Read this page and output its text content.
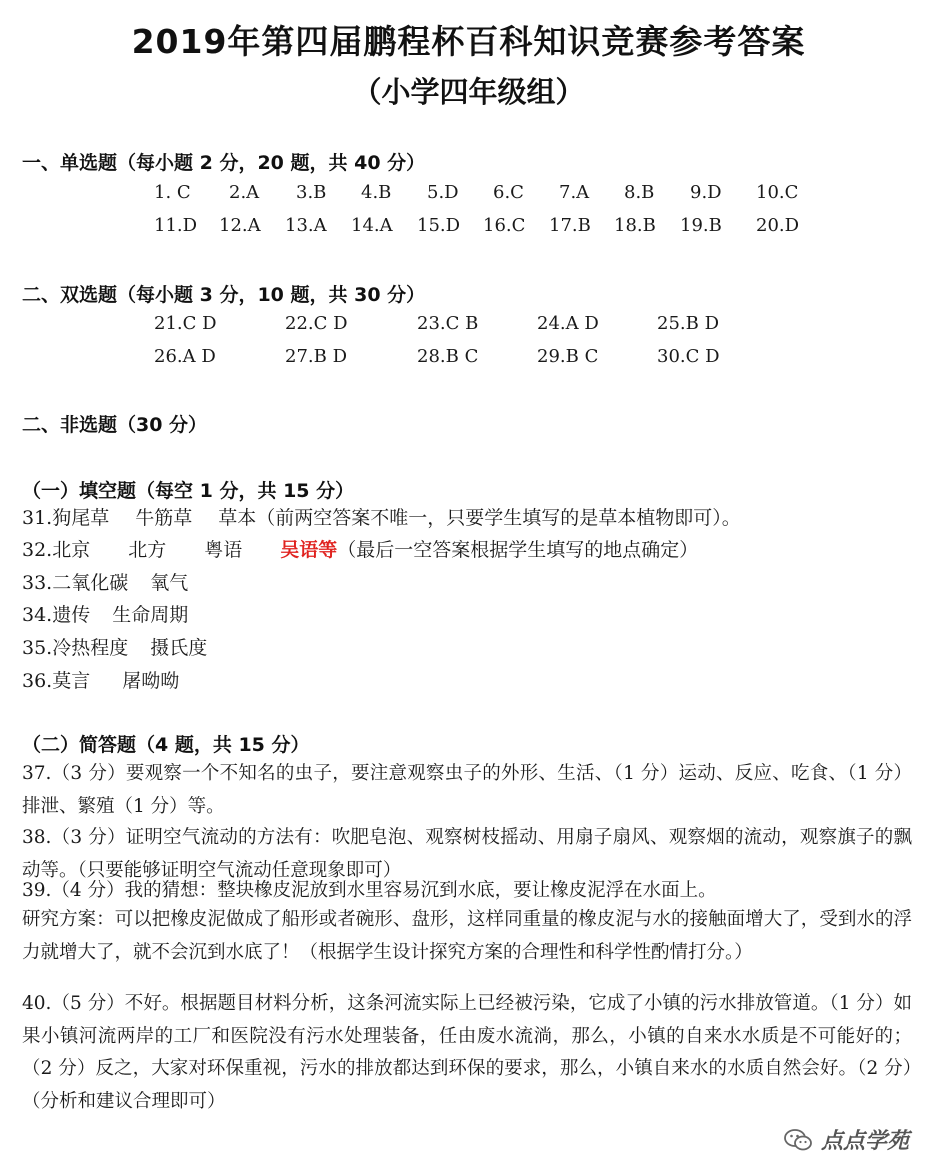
2019年第四届鹏程杯百科知识竞赛参考答案
（小学四年级组）
一、单选题（每小题 2 分，20 题，共 40 分）
1. C 2.A 3.B 4.B 5.D 6.C 7.A 8.B 9.D 10.C
11.D 12.A 13.A 14.A 15.D 16.C 17.B 18.B 19.B 20.D
二、双选题（每小题 3 分，10 题，共 30 分）
21.C D	22.C D	23.C B	24.A D	25.B D
26.A D	27.B D	28.B C	29.B C	30.C D
二、非选题（30 分）
（一）填空题（每空 1 分，共 15 分）
31.狗尾草 牛筋草 草本（前两空答案不唯一，只要学生填写的是草本植物即可）。
32.北京 北方 粤语 吴语等（最后一空答案根据学生填写的地点确定）
33.二氧化碳 氧气
34.遗传 生命周期
35.冷热程度 摄氏度
36.莫言 屠呦呦
（二）简答题（4 题，共 15 分）
37.（3 分）要观察一个不知名的虫子，要注意观察虫子的外形、生活、（1 分）运动、反应、吃食、（1 分）排泄、繁殖（1 分）等。
38.（3 分）证明空气流动的方法有：吹肥皂泡、观察树枝摇动、用扇子扇风、观察烟的流动，观察旗子的飘动等。（只要能够证明空气流动任意现象即可）
39.（4 分）我的猜想：整块橡皮泥放到水里容易沉到水底，要让橡皮泥浮在水面上。
研究方案：可以把橡皮泥做成了船形或者碗形、盘形，这样同重量的橡皮泥与水的接触面增大了，受到水的浮力就增大了，就不会沉到水底了！（根据学生设计探究方案的合理性和科学性酌情打分。）
40.（5 分）不好。根据题目材料分析，这条河流实际上已经被污染，它成了小镇的污水排放管道。（1 分）如果小镇河流两岸的工厂和医院没有污水处理装备，任由废水流淌，那么，小镇的自来水水质是不可能好的；（2 分）反之，大家对环保重视，污水的排放都达到环保的要求，那么，小镇自来水的水质自然会好。（2 分）（分析和建议合理即可）
点点学苑
